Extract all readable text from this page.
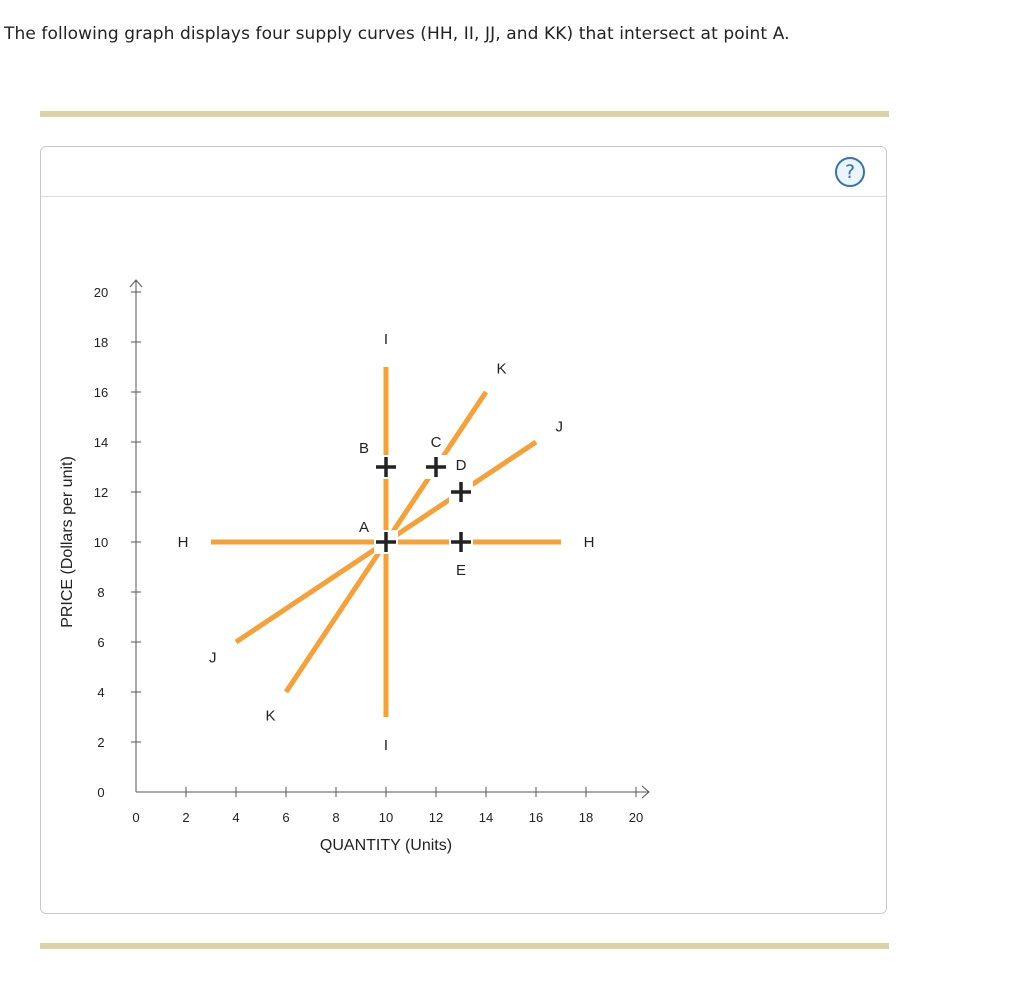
The following graph displays four supply curves (HH, II, JJ, and KK) that intersect at point A.

?
0	2	4	6	8	10	12	14	16	18	20
0
2
4
6
8
10
12
14
16
18
20
QUANTITY (Units)
PRICE (Dollars per unit)	H	H
I
I
J
J
K
K
A
B	C
D
E
